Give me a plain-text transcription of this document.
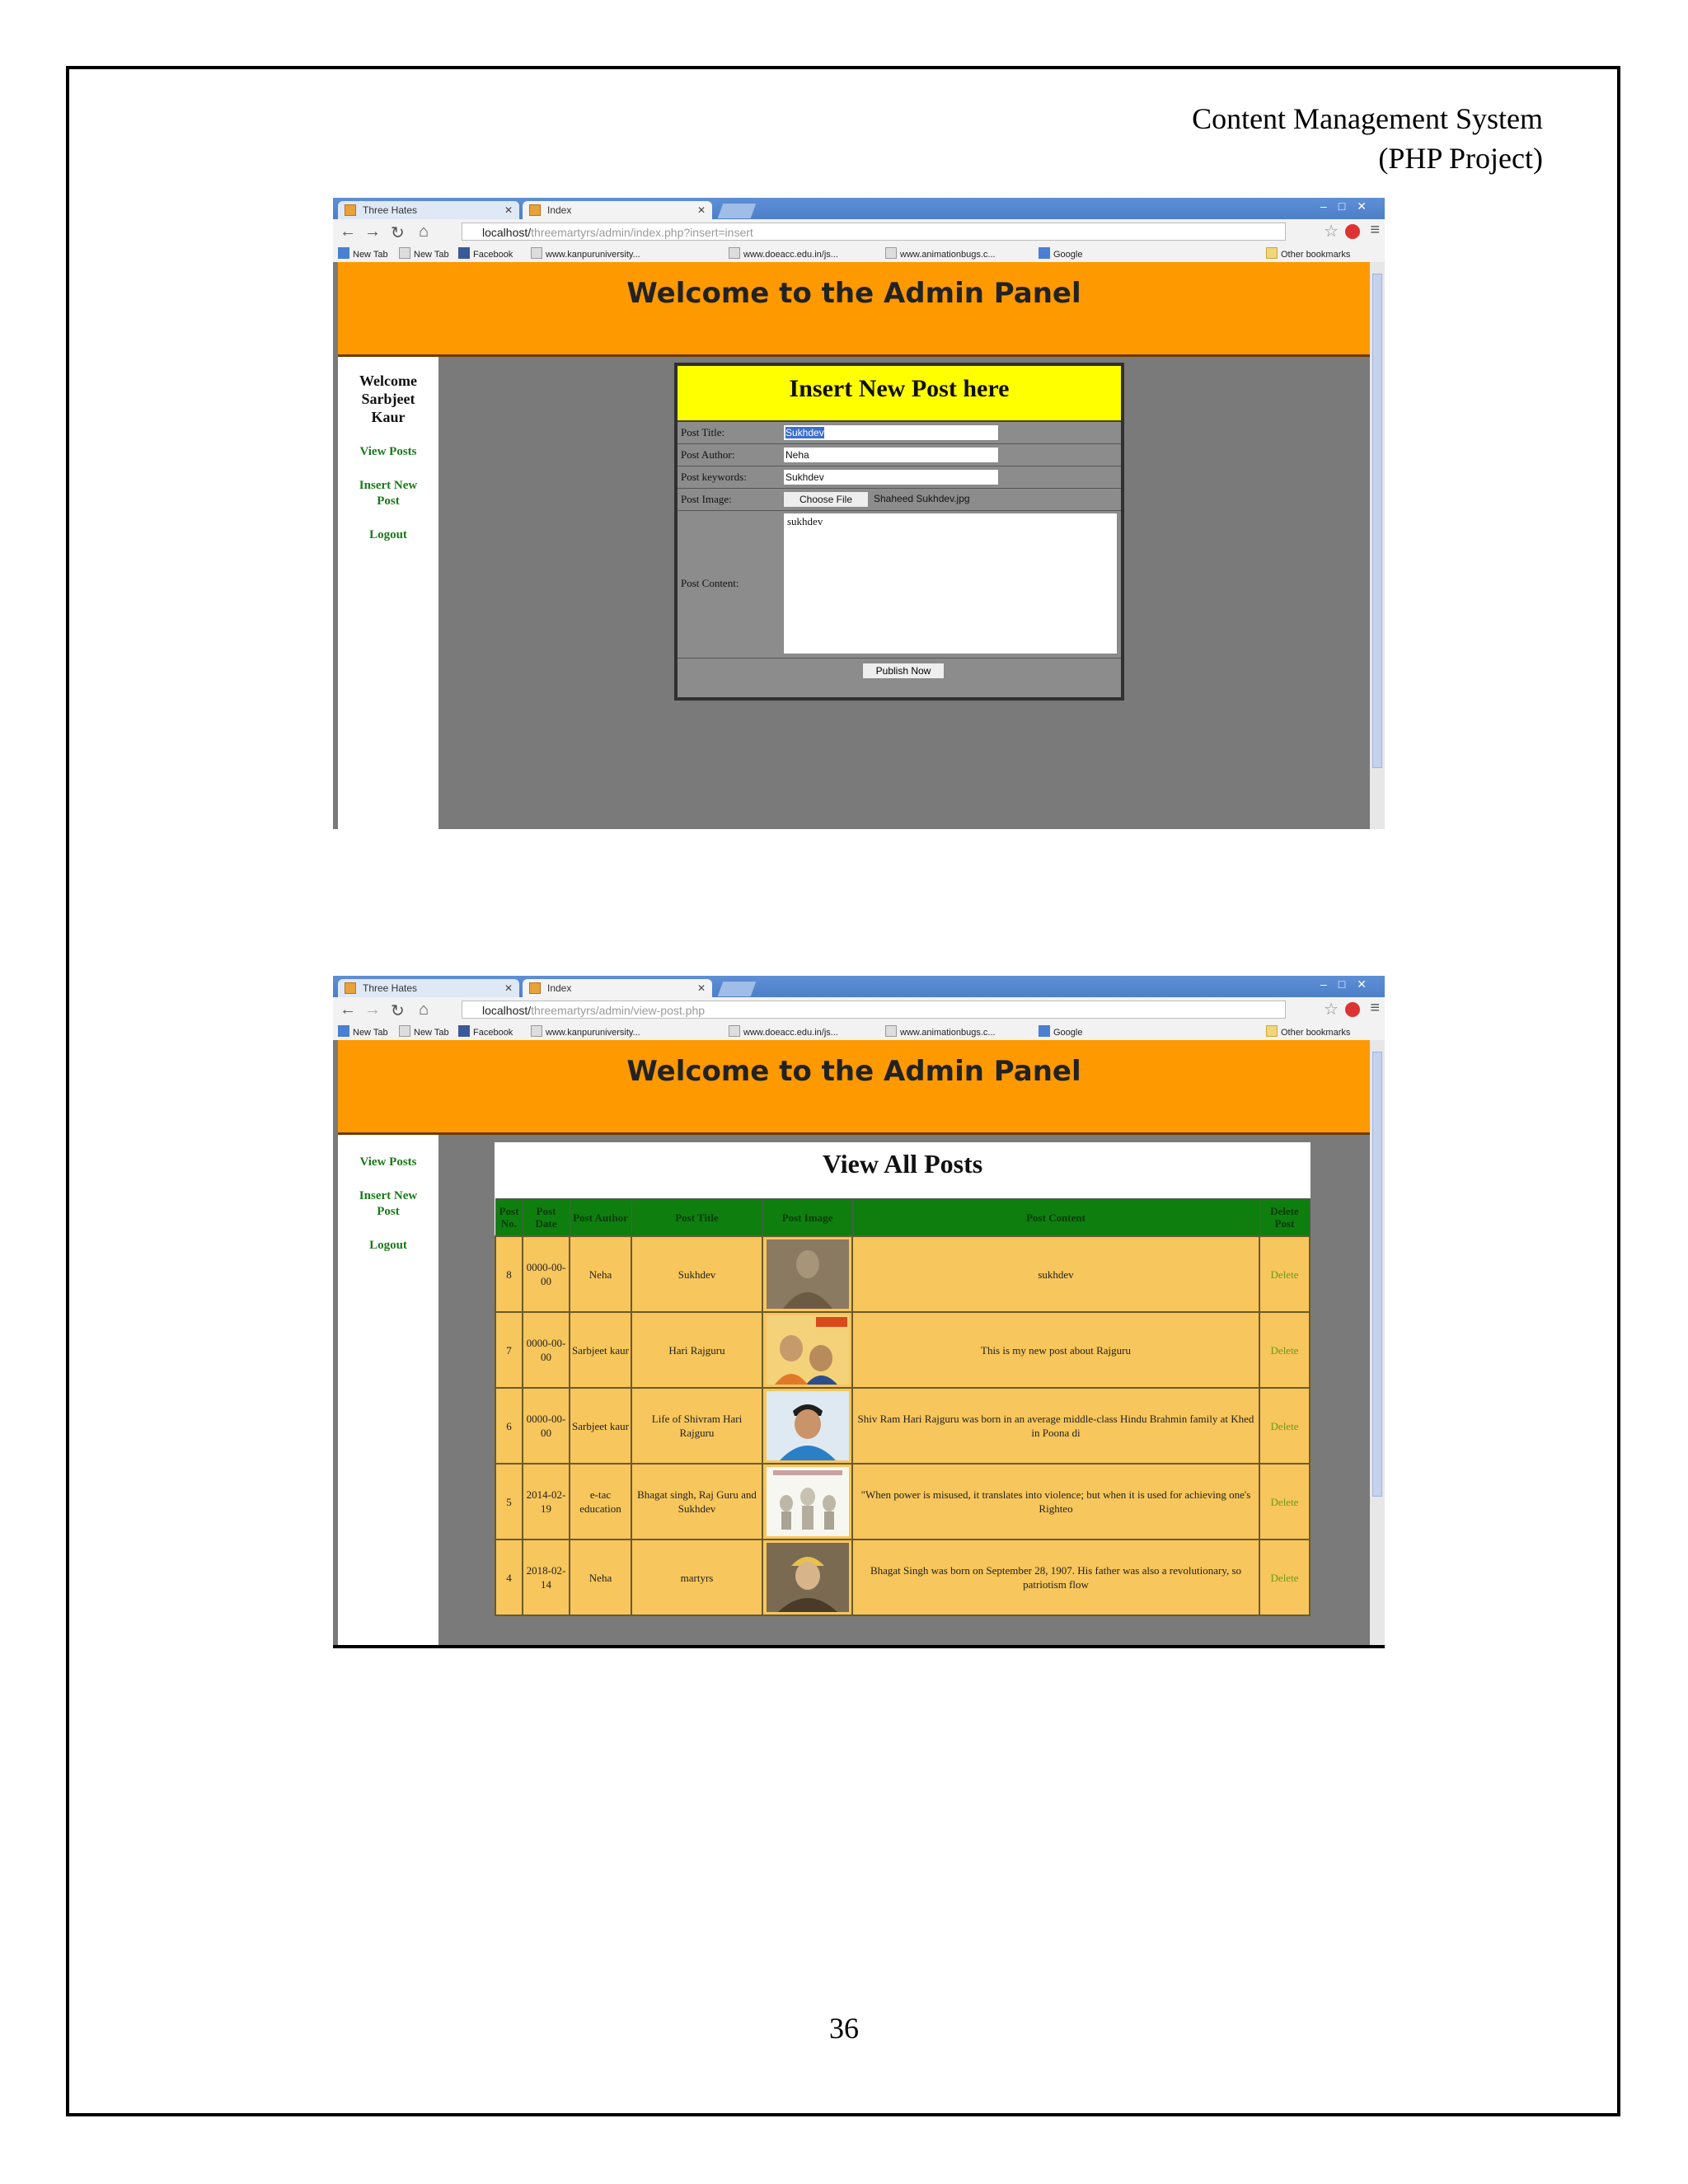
Content Management System
(PHP Project)
Three Hates	✕	Index	✕	–□✕
← → ↻ ⌂	localhost/threemartyrs/admin/index.php?insert=insert	☆ ≡
New Tab	New Tab	Facebook	www.kanpuruniversity...	www.doeacc.edu.in/js...	www.animationbugs.c...	Google	Other bookmarks
Welcome to the Admin Panel
Welcome Sarbjeet Kaur
View Posts
Insert New Post
Logout
Insert New Post here
Post Title:	Sukhdev
Post Author:	Neha
Post keywords:	Sukhdev
Post Image:	Choose File	Shaheed Sukhdev.jpg
Post Content:
sukhdev
Publish Now
Three Hates	✕	Index	✕	–□✕
← → ↻ ⌂	localhost/threemartyrs/admin/view-post.php	☆ ≡
New Tab	New Tab	Facebook	www.kanpuruniversity...	www.doeacc.edu.in/js...	www.animationbugs.c...	Google	Other bookmarks
Welcome to the Admin Panel
View Posts
Insert New Post
Logout
View All Posts
Post No.	Post Date	Post Author	Post Title	Post Image	Post Content	Delete Post
8	0000-00-00	Neha	Sukhdev		sukhdev	Delete
7	0000-00-00	Sarbjeet kaur	Hari Rajguru		This is my new post about Rajguru	Delete
6	0000-00-00	Sarbjeet kaur	Life of Shivram Hari Rajguru		Shiv Ram Hari Rajguru was born in an average middle-class Hindu Brahmin family at Khed in Poona di	Delete
5	2014-02-19	e-tac education	Bhagat singh, Raj Guru and Sukhdev		"When power is misused, it translates into violence; but when it is used for achieving one's Righteo	Delete
4	2018-02-14	Neha	martyrs		Bhagat Singh was born on September 28, 1907. His father was also a revolutionary, so patriotism flow	Delete
36
